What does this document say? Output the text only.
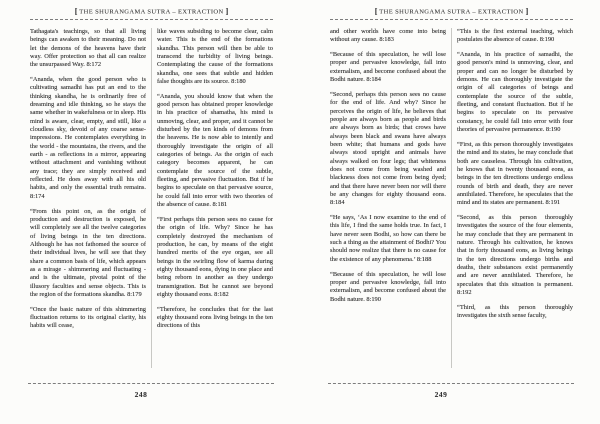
[ THE SHURANGAMA SUTRA – EXTRACTION ]

Tathagata's teachings, so that all living beings can awaken to their meaning. Do not let the demons of the heavens have their way. Offer protection so that all can realize the unsurpassed Way. 8:172

“Ananda, when the good person who is cultivating samadhi has put an end to the thinking skandha, he is ordinarily free of dreaming and idle thinking, so he stays the same whether in wakefulness or in sleep. His mind is aware, clear, empty, and still, like a cloudless sky, devoid of any coarse sense-impressions. He contemplates everything in the world - the mountains, the rivers, and the earth - as reflections in a mirror, appearing without attachment and vanishing without any trace; they are simply received and reflected. He does away with all his old habits, and only the essential truth remains. 8:174

“From this point on, as the origin of production and destruction is exposed, he will completely see all the twelve categories of living beings in the ten directions. Although he has not fathomed the source of their individual lives, he will see that they share a common basis of life, which appears as a mirage - shimmering and fluctuating - and is the ultimate, pivotal point of the illusory faculties and sense objects. This is the region of the formations skandha. 8:179

“Once the basic nature of this shimmering fluctuation returns to its original clarity, his habits will cease,

like waves subsiding to become clear, calm water. This is the end of the formations skandha. This person will then be able to transcend the turbidity of living beings. Contemplating the cause of the formations skandha, one sees that subtle and hidden false thoughts are its source. 8:180

“Ananda, you should know that when the good person has obtained proper knowledge in his practice of shamatha, his mind is unmoving, clear, and proper, and it cannot be disturbed by the ten kinds of demons from the heavens. He is now able to intently and thoroughly investigate the origin of all categories of beings. As the origin of each category becomes apparent, he can contemplate the source of the subtle, fleeting, and pervasive fluctuation. But if he begins to speculate on that pervasive source, he could fall into error with two theories of the absence of cause. 8:181

“First perhaps this person sees no cause for the origin of life. Why? Since he has completely destroyed the mechanism of production, he can, by means of the eight hundred merits of the eye organ, see all beings in the swirling flow of karma during eighty thousand eons, dying in one place and being reborn in another as they undergo transmigration. But he cannot see beyond eighty thousand eons. 8:182

“Therefore, he concludes that for the last eighty thousand eons living beings in the ten directions of this

248
[ THE SHURANGAMA SUTRA – EXTRACTION ]

and other worlds have come into being without any cause. 8:183

“Because of this speculation, he will lose proper and pervasive knowledge, fall into externalism, and become confused about the Bodhi nature. 8:184

“Second, perhaps this person sees no cause for the end of life. And why? Since he perceives the origin of life, he believes that people are always born as people and birds are always born as birds; that crows have always been black and swans have always been white; that humans and gods have always stood upright and animals have always walked on four legs; that whiteness does not come from being washed and blackness does not come from being dyed; and that there have never been nor will there be any changes for eighty thousand eons. 8:184

“He says, ‘As I now examine to the end of this life, I find the same holds true. In fact, I have never seen Bodhi, so how can there be such a thing as the attainment of Bodhi? You should now realize that there is no cause for the existence of any phenomena.’ 8:188

“Because of this speculation, he will lose proper and pervasive knowledge, fall into externalism, and become confused about the Bodhi nature. 8:190

“This is the first external teaching, which postulates the absence of cause. 8:190

“Ananda, in his practice of samadhi, the good person's mind is unmoving, clear, and proper and can no longer be disturbed by demons. He can thoroughly investigate the origin of all categories of beings and contemplate the source of the subtle, fleeting, and constant fluctuation. But if he begins to speculate on its pervasive constancy, he could fall into error with four theories of pervasive permanence. 8:190

“First, as this person thoroughly investigates the mind and its states, he may conclude that both are causeless. Through his cultivation, he knows that in twenty thousand eons, as beings in the ten directions undergo endless rounds of birth and death, they are never annihilated. Therefore, he speculates that the mind and its states are permanent. 8:191

“Second, as this person thoroughly investigates the source of the four elements, he may conclude that they are permanent in nature. Through his cultivation, he knows that in forty thousand eons, as living beings in the ten directions undergo births and deaths, their substances exist permanently and are never annihilated. Therefore, he speculates that this situation is permanent. 8:192

“Third, as this person thoroughly investigates the sixth sense faculty,

249
